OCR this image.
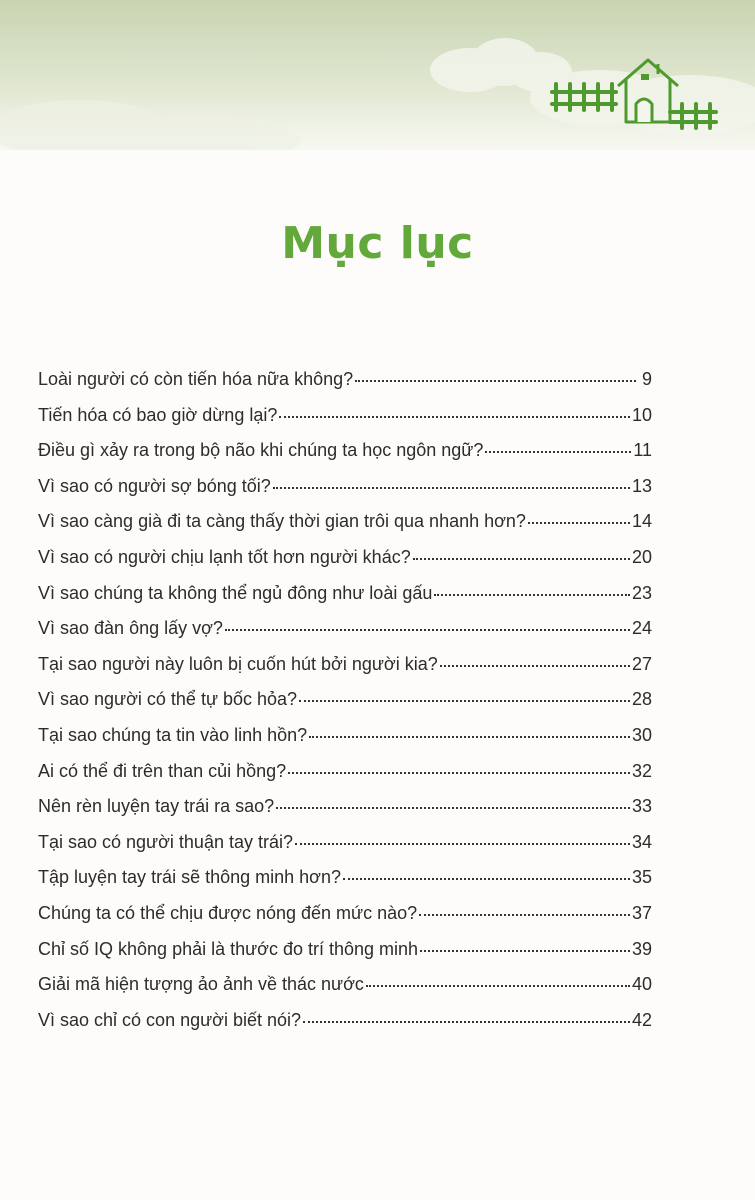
Mục lục
Loài người có còn tiến hóa nữa không?	9
Tiến hóa có bao giờ dừng lại?	10
Điều gì xảy ra trong bộ não khi chúng ta học ngôn ngữ?	11
Vì sao có người sợ bóng tối?	13
Vì sao càng già đi ta càng thấy thời gian trôi qua nhanh hơn?	14
Vì sao có người chịu lạnh tốt hơn người khác?	20
Vì sao chúng ta không thể ngủ đông như loài gấu	23
Vì sao đàn ông lấy vợ?	24
Tại sao người này luôn bị cuốn hút bởi người kia?	27
Vì sao người có thể tự bốc hỏa?	28
Tại sao chúng ta tin vào linh hồn?	30
Ai có thể đi trên than củi hồng?	32
Nên rèn luyện tay trái ra sao?	33
Tại sao có người thuận tay trái?	34
Tập luyện tay trái sẽ thông minh hơn?	35
Chúng ta có thể chịu được nóng đến mức nào?	37
Chỉ số IQ không phải là thước đo trí thông minh	39
Giải mã hiện tượng ảo ảnh về thác nước	40
Vì sao chỉ có con người biết nói?	42
